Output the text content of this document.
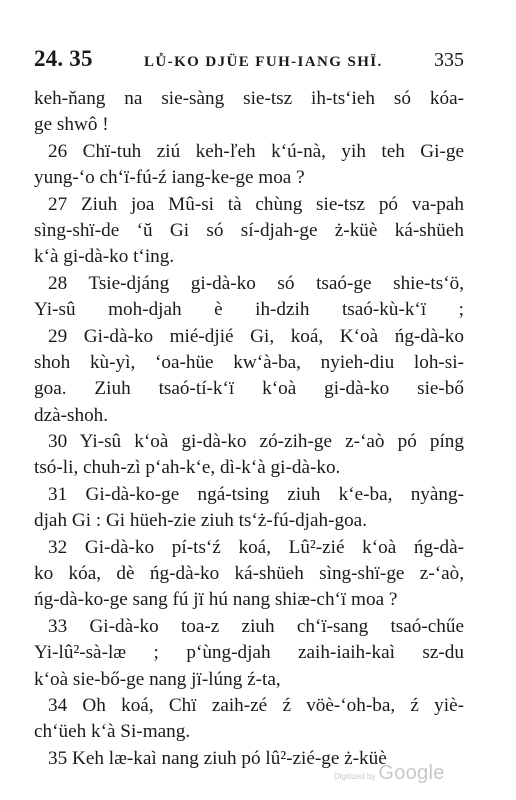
24. 35	LŮ-KO DJÜE FUH-IANG SHÏ.	335
keh-ňang na sie-sàng sie-tsz ih-ts‘ieh só kóa-
ge shwô !
26 Chï-tuh ziú keh-ľeh k‘ú-nà, yih teh Gi-ge
yung-‘o ch‘ï-fú-ź iang-ke-ge moa ?
27 Ziuh joa Mû-si tà chùng sie-tsz pó va-pah
sìng-shï-de ‘ŭ Gi só sí-djah-ge ż-küè ká-shüeh
k‘à gi-dà-ko t‘ing.
28 Tsie-djáng gi-dà-ko só tsaó-ge shie-ts‘ö,
Yi-sû moh-djah è ih-dzih tsaó-kù-k‘ï ;
29 Gi-dà-ko mié-djié Gi, koá, K‘oà ńg-dà-ko
shoh kù-yì, ‘oa-hüe kw‘à-ba, nyieh-diu loh-si-
goa. Ziuh tsaó-tí-k‘ï k‘oà gi-dà-ko sie-bő
dzà-shoh.
30 Yi-sû k‘oà gi-dà-ko zó-zih-ge z-‘aò pó píng
tsó-li, chuh-zì p‘ah-k‘e, dì-k‘à gi-dà-ko.
31 Gi-dà-ko-ge ngá-tsing ziuh k‘e-ba, nyàng-
djah Gi : Gi hüeh-zie ziuh ts‘ż-fú-djah-goa.
32 Gi-dà-ko pí-ts‘ź koá, Lû²-zié k‘oà ńg-dà-
ko kóa, dè ńg-dà-ko ká-shüeh sìng-shï-ge z-‘aò,
ńg-dà-ko-ge sang fú jï hú nang shiæ-ch‘ï moa ?
33 Gi-dà-ko toa-z ziuh ch‘ï-sang tsaó-chűe
Yi-lû²-sà-læ ; p‘ùng-djah zaih-iaih-kaì sz-du
k‘oà sie-bő-ge nang jï-lúng ź-ta,
34 Oh koá, Chï zaih-zé ź vöè-‘oh-ba, ź yiè-
ch‘üeh k‘à Si-mang.
35 Keh læ-kaì nang ziuh pó lû²-zié-ge ż-küè
Digitized by Google
